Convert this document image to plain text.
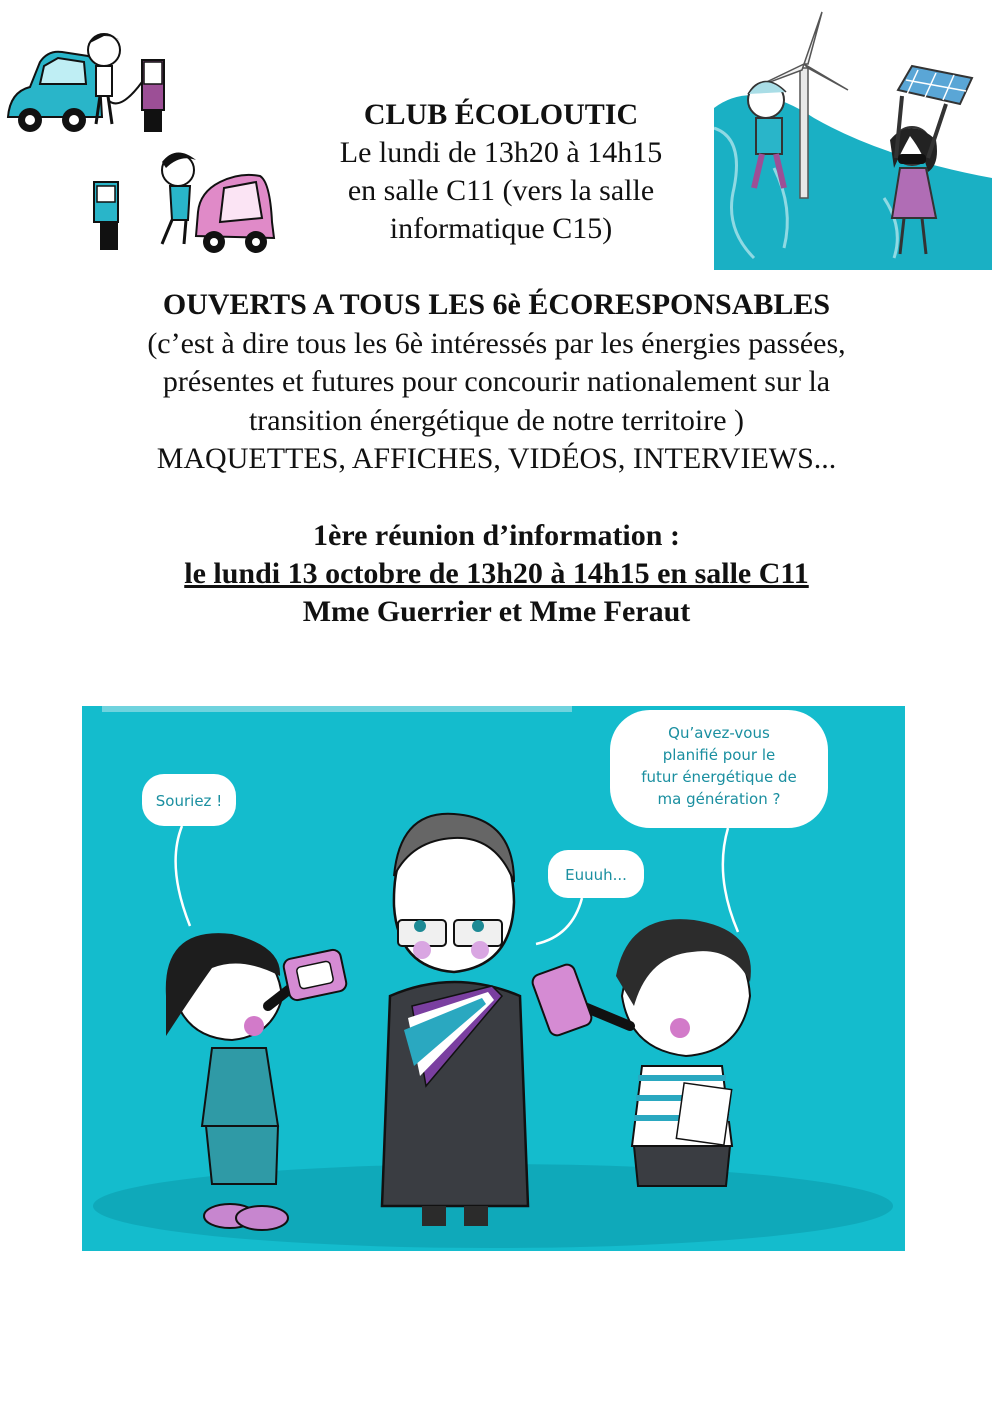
CLUB ÉCOLOUTIC
Le lundi de 13h20 à 14h15
en salle C11 (vers la salle
informatique C15)
OUVERTS A TOUS LES 6è ÉCORESPONSABLES
(c’est à dire tous les 6è intéressés par les énergies passées,
présentes et futures pour concourir nationalement sur la
transition énergétique de notre territoire )
MAQUETTES, AFFICHES, VIDÉOS, INTERVIEWS...
1ère réunion d’information :
le lundi 13 octobre de 13h20 à 14h15 en salle C11
Mme Guerrier et Mme Feraut
Souriez !
Euuuh...
Qu’avez-vous
planifié pour le
futur énergétique de
ma génération ?
